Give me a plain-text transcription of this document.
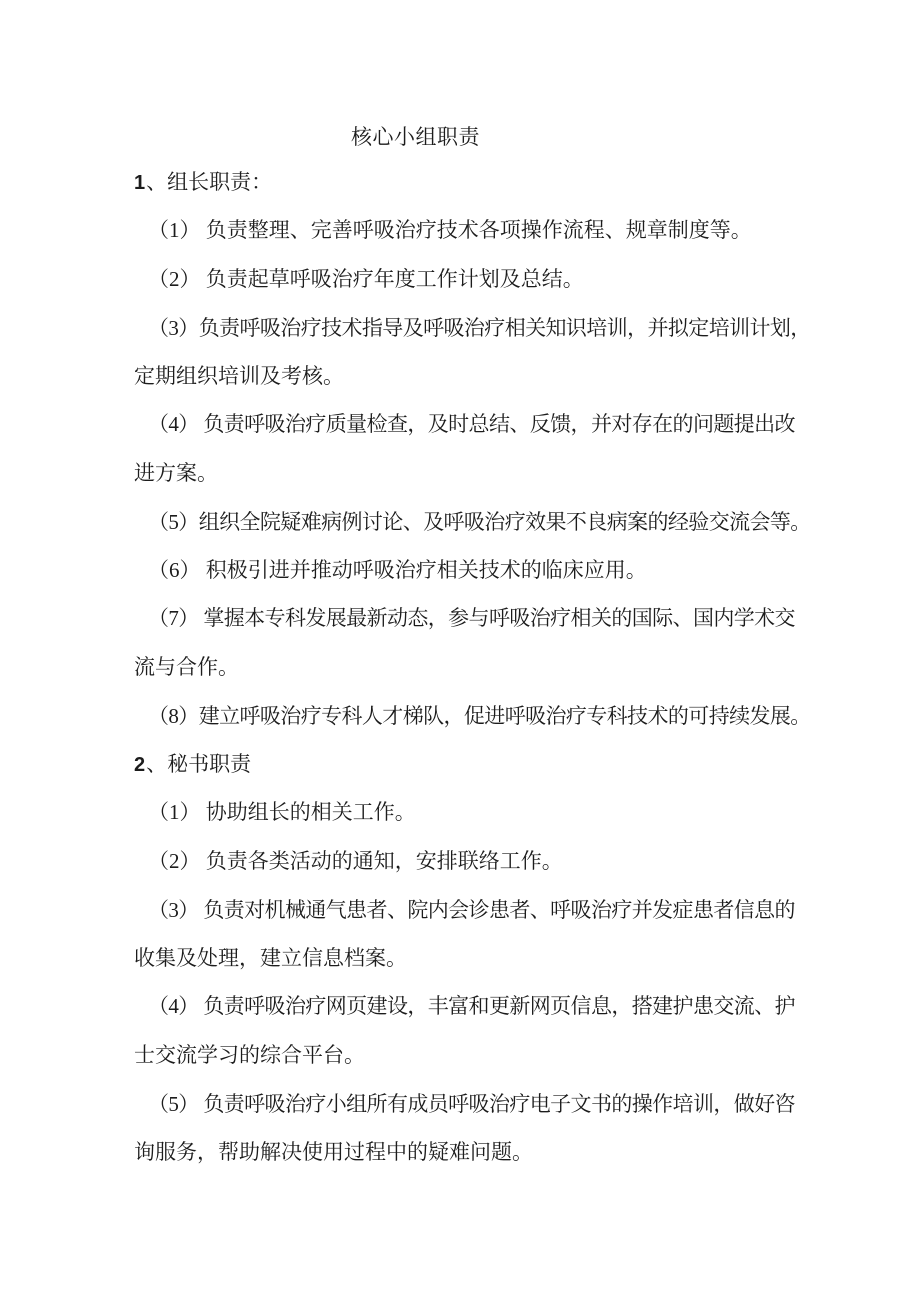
核心小组职责
1、组长职责：
（1） 负责整理、完善呼吸治疗技术各项操作流程、规章制度等。
（2） 负责起草呼吸治疗年度工作计划及总结。
（3）负责呼吸治疗技术指导及呼吸治疗相关知识培训，并拟定培训计划，
定期组织培训及考核。
（4） 负责呼吸治疗质量检查，及时总结、反馈，并对存在的问题提出改
进方案。
（5）组织全院疑难病例讨论、及呼吸治疗效果不良病案的经验交流会等。
（6） 积极引进并推动呼吸治疗相关技术的临床应用。
（7） 掌握本专科发展最新动态，参与呼吸治疗相关的国际、国内学术交
流与合作。
（8）建立呼吸治疗专科人才梯队，促进呼吸治疗专科技术的可持续发展。
2、秘书职责
（1） 协助组长的相关工作。
（2） 负责各类活动的通知，安排联络工作。
（3） 负责对机械通气患者、院内会诊患者、呼吸治疗并发症患者信息的
收集及处理，建立信息档案。
（4） 负责呼吸治疗网页建设，丰富和更新网页信息，搭建护患交流、护
士交流学习的综合平台。
（5） 负责呼吸治疗小组所有成员呼吸治疗电子文书的操作培训，做好咨
询服务，帮助解决使用过程中的疑难问题。
